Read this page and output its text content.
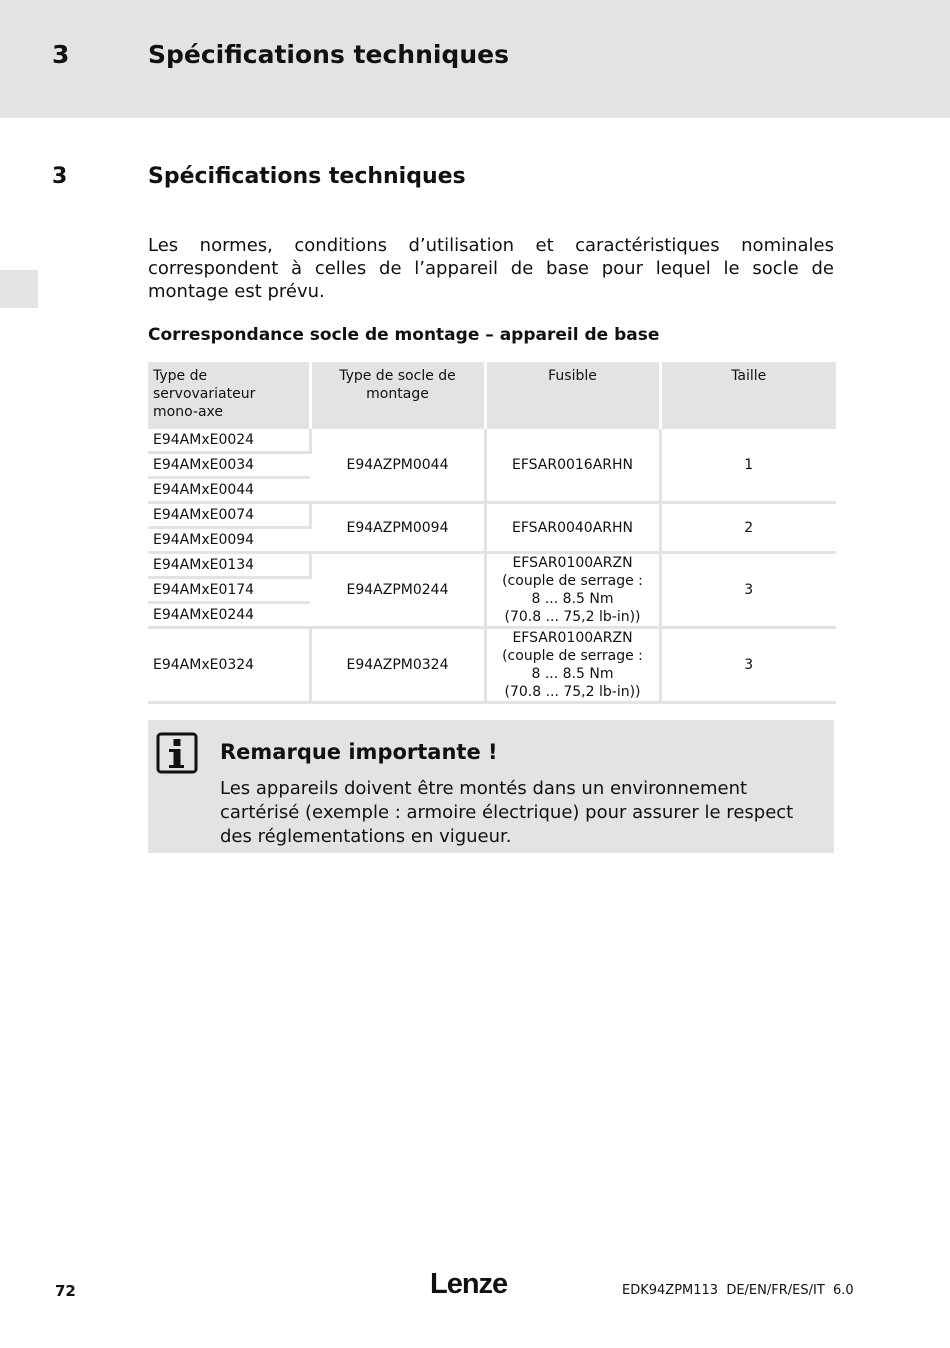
3	Spécifications techniques
3	Spécifications techniques

Les normes, conditions d’utilisation et caractéristiques nominales correspondent à celles de l’appareil de base pour lequel le socle de montage est prévu.

Correspondance socle de montage – appareil de base
Type de servovariateur mono-axe	Type de socle de montage	Fusible	Taille
E94AMxE0024	E94AZPM0044	EFSAR0016ARHN	1
E94AMxE0034			
E94AMxE0044			
E94AMxE0074	E94AZPM0094	EFSAR0040ARHN	2
E94AMxE0094			
E94AMxE0134	E94AZPM0244	EFSAR0100ARZN
(couple de serrage :
8 ... 8.5 Nm
(70.8 ... 75,2 lb-in))	3
E94AMxE0174			
E94AMxE0244			
E94AMxE0324	E94AZPM0324	EFSAR0100ARZN
(couple de serrage :
8 ... 8.5 Nm
(70.8 ... 75,2 lb-in))	3
Remarque importante !

Les appareils doivent être montés dans un environnement cartérisé (exemple : armoire électrique) pour assurer le respect des réglementations en vigueur.

72	Lenze	EDK94ZPM113  DE/EN/FR/ES/IT  6.0
